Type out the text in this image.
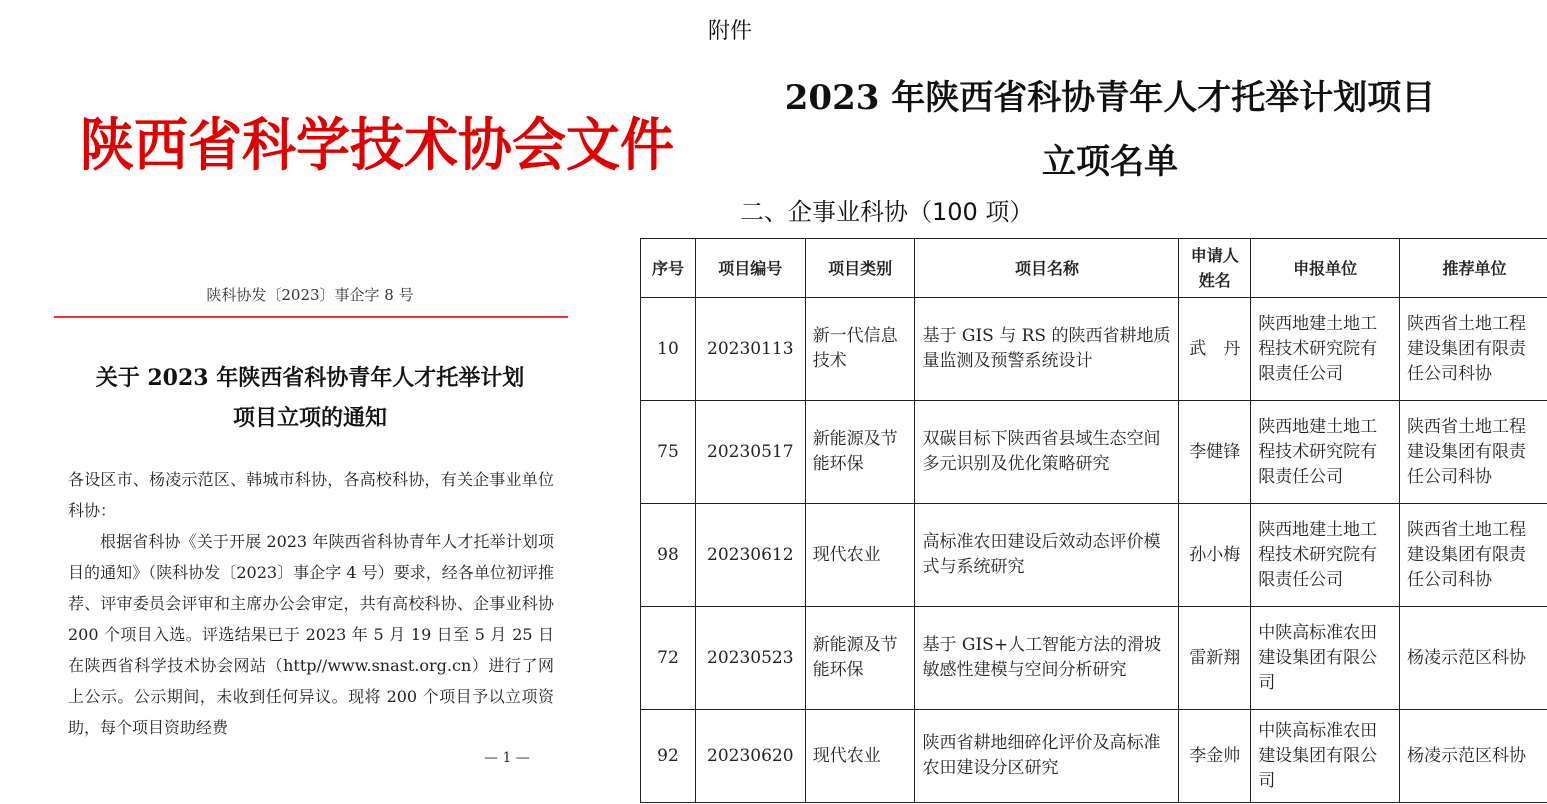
陕西省科学技术协会文件
陕科协发〔2023〕事企字 8 号
关于 2023 年陕西省科协青年人才托举计划
项目立项的通知

各设区市、杨凌示范区、韩城市科协，各高校科协，有关企事业单位科协：

根据省科协《关于开展 2023 年陕西省科协青年人才托举计划项目的通知》（陕科协发〔2023〕事企字 4 号）要求，经各单位初评推荐、评审委员会评审和主席办公会审定，共有高校科协、企事业科协 200 个项目入选。评选结果已于 2023 年 5 月 19 日至 5 月 25 日在陕西省科学技术协会网站（http//www.snast.org.cn）进行了网上公示。公示期间，未收到任何异议。现将 200 个项目予以立项资助，每个项目资助经费

— 1 —
附件
2023 年陕西省科协青年人才托举计划项目
立项名单
二、企事业科协（100 项）
序号	项目编号	项目类别	项目名称	申请人姓名	申报单位	推荐单位
10	20230113	新一代信息技术	基于 GIS 与 RS 的陕西省耕地质量监测及预警系统设计	武　丹	陕西地建土地工程技术研究院有限责任公司	陕西省土地工程建设集团有限责任公司科协
75	20230517	新能源及节能环保	双碳目标下陕西省县域生态空间多元识别及优化策略研究	李健锋	陕西地建土地工程技术研究院有限责任公司	陕西省土地工程建设集团有限责任公司科协
98	20230612	现代农业	高标准农田建设后效动态评价模式与系统研究	孙小梅	陕西地建土地工程技术研究院有限责任公司	陕西省土地工程建设集团有限责任公司科协
72	20230523	新能源及节能环保	基于 GIS+人工智能方法的滑坡敏感性建模与空间分析研究	雷新翔	中陕高标准农田建设集团有限公司	杨凌示范区科协
92	20230620	现代农业	陕西省耕地细碎化评价及高标准农田建设分区研究	李金帅	中陕高标准农田建设集团有限公司	杨凌示范区科协
